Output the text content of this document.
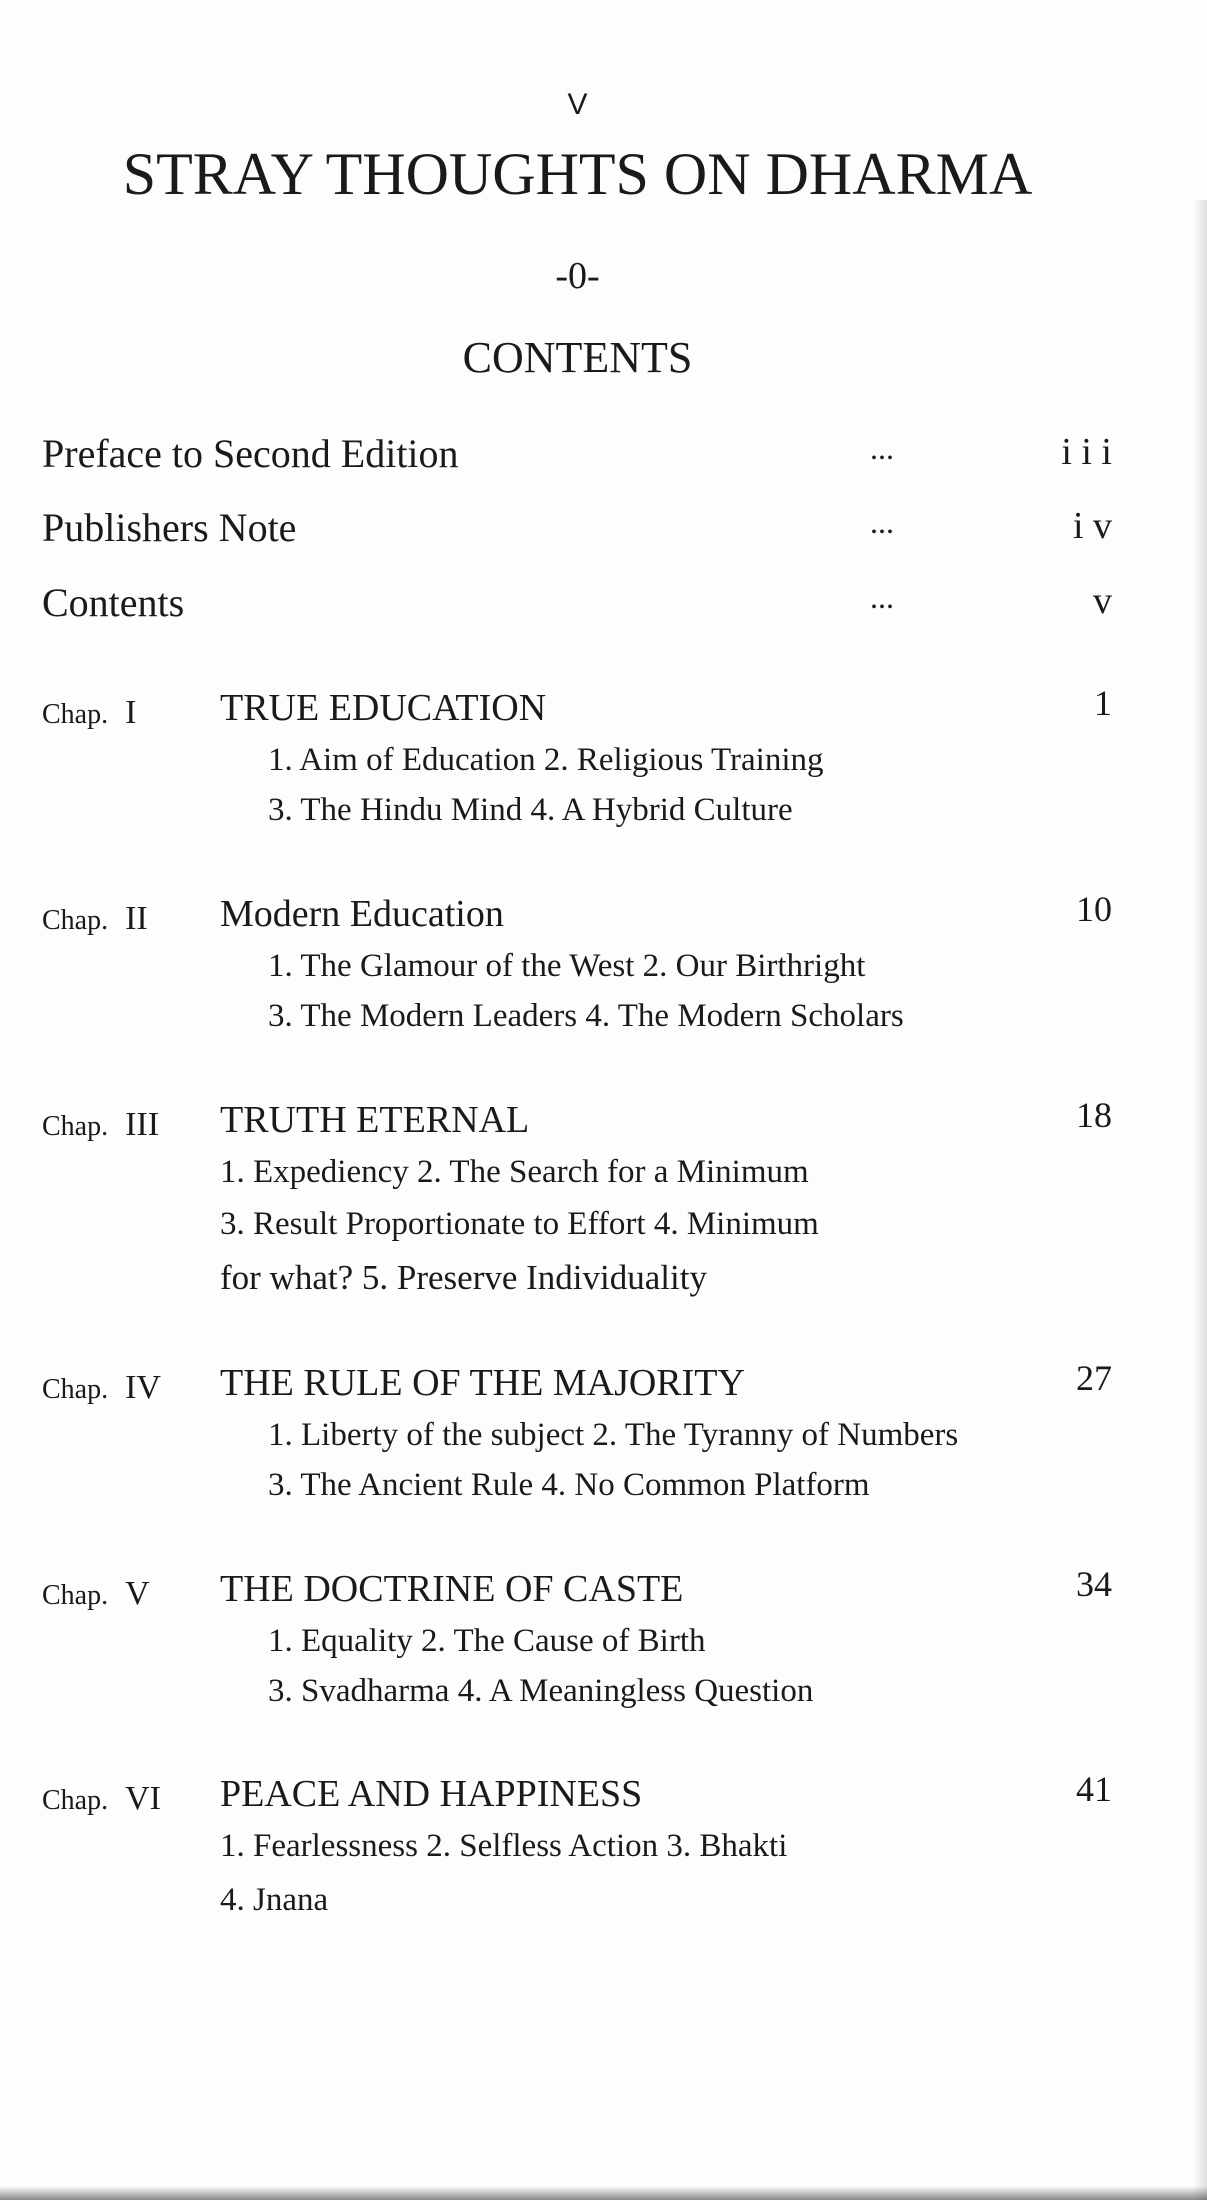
V
STRAY THOUGHTS ON DHARMA
-0-
CONTENTS
Preface to Second Edition	...	i i i
Publishers Note	...	i v
Contents	...	v
Chap. I TRUE EDUCATION	1
1. Aim of Education 2. Religious Training
3. The Hindu Mind 4. A Hybrid Culture
Chap. II Modern Education	10
1. The Glamour of the West 2. Our Birthright
3. The Modern Leaders 4. The Modern Scholars
Chap. III TRUTH ETERNAL	18
1. Expediency 2. The Search for a Minimum
3. Result Proportionate to Effort 4. Minimum
for what? 5. Preserve Individuality
Chap. IV THE RULE OF THE MAJORITY	27
1. Liberty of the subject 2. The Tyranny of Numbers
3. The Ancient Rule 4. No Common Platform
Chap. V THE DOCTRINE OF CASTE	34
1. Equality 2. The Cause of Birth
3. Svadharma 4. A Meaningless Question
Chap. VI PEACE AND HAPPINESS	41
1. Fearlessness 2. Selfless Action 3. Bhakti
4. Jnana
